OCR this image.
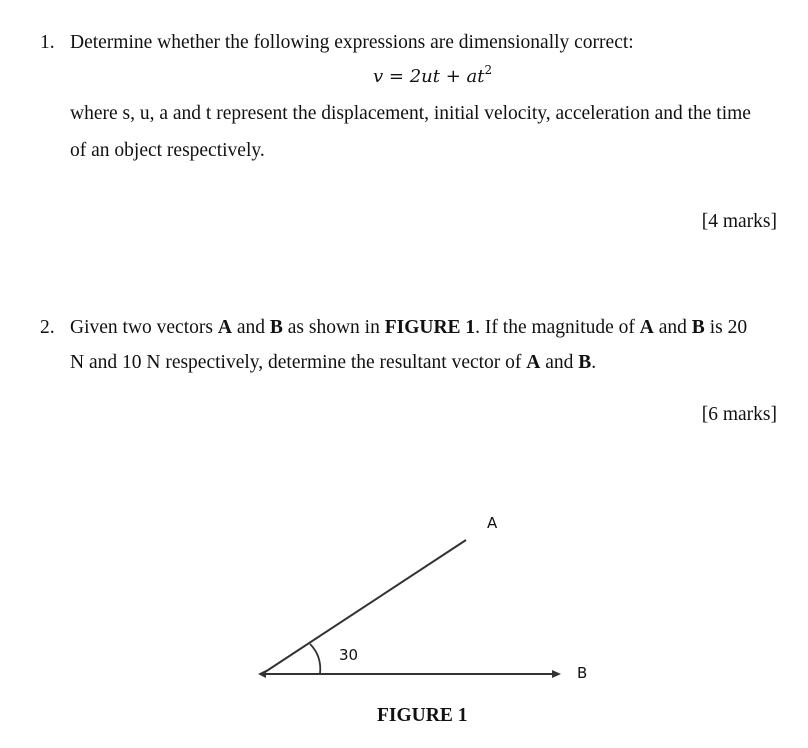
1. Determine whether the following expressions are dimensionally correct:
$v = 2ut + at^2$
where s, u, a and t represent the displacement, initial velocity, acceleration and the time
of an object respectively.
[4 marks]
2. Given two vectors A and B as shown in FIGURE 1. If the magnitude of A and B is 20
N and 10 N respectively, determine the resultant vector of A and B.
[6 marks]
A
B
30
FIGURE 1
